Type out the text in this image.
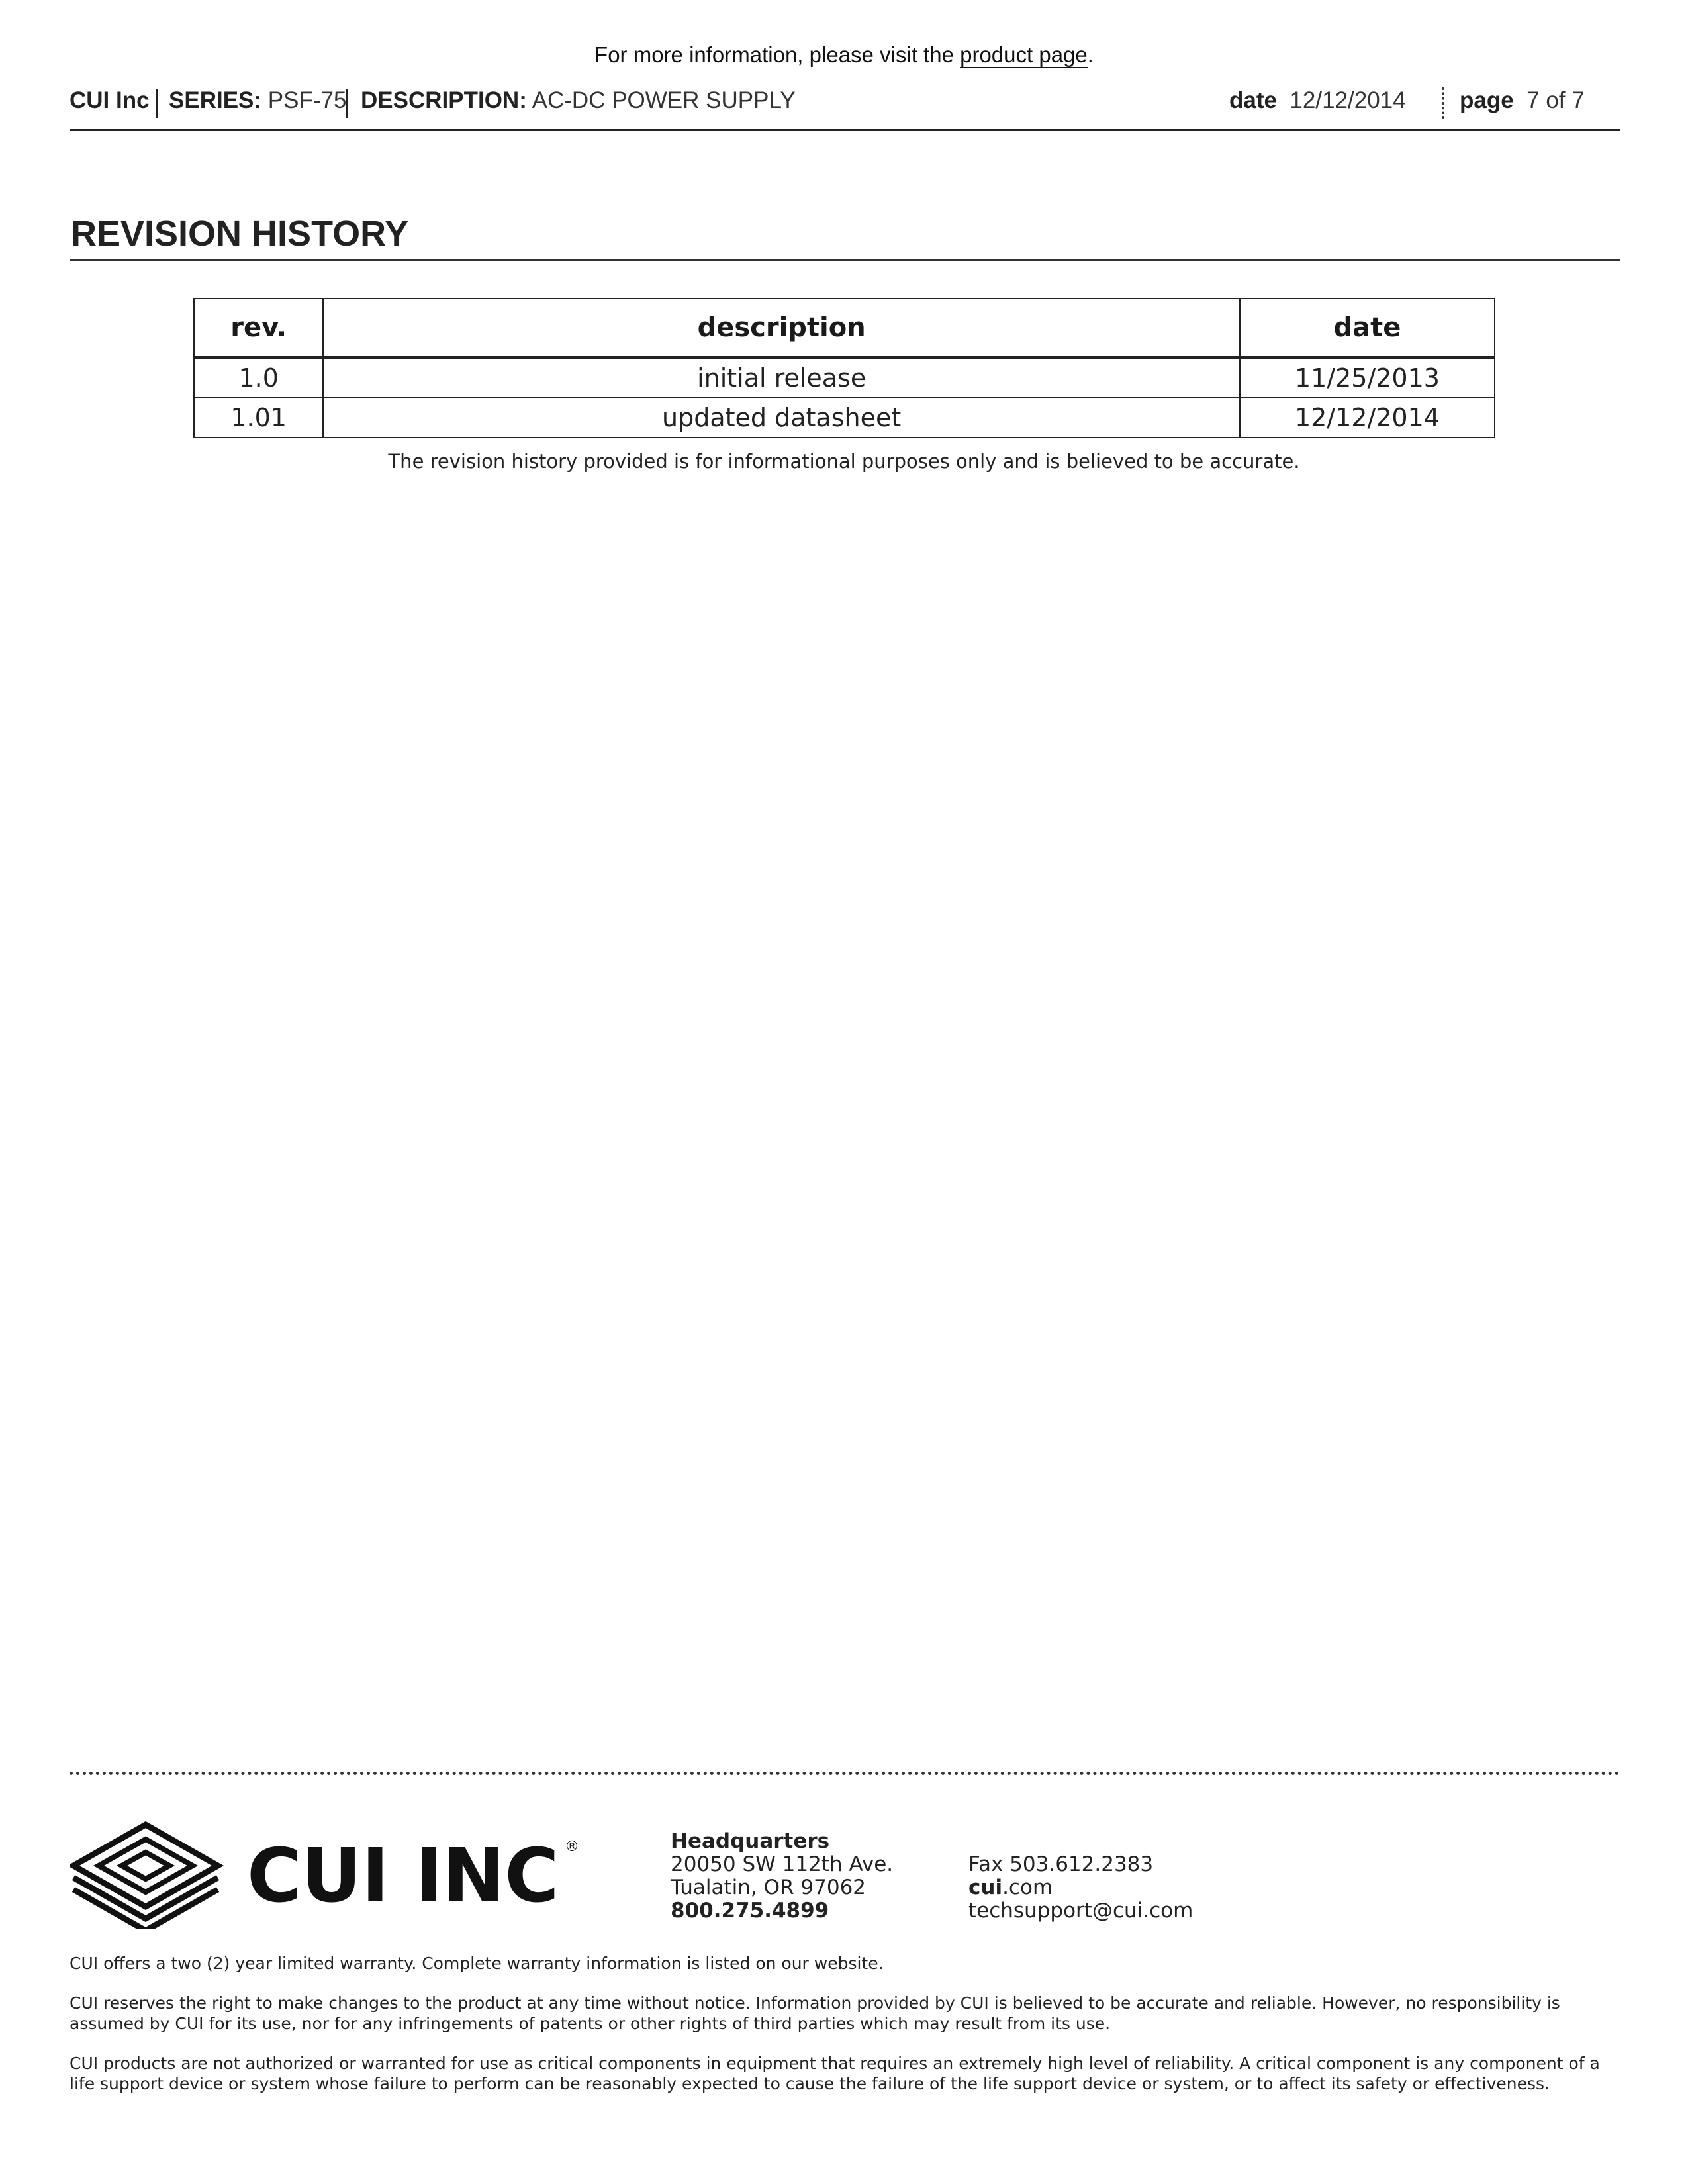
For more information, please visit the product page.
CUI Inc SERIES: PSF-75 DESCRIPTION: AC-DC POWER SUPPLY	date 12/12/2014 page 7 of 7
REVISION HISTORY
rev.	description	date
1.0	initial release	11/25/2013
1.01	updated datasheet	12/12/2014
The revision history provided is for informational purposes only and is believed to be accurate.
CUI INC ®	Headquarters
20050 SW 112th Ave.
Tualatin, OR 97062
800.275.4899
Fax 503.612.2383
cui.com
techsupport@cui.com
CUI offers a two (2) year limited warranty. Complete warranty information is listed on our website.
CUI reserves the right to make changes to the product at any time without notice. Information provided by CUI is believed to be accurate and reliable. However, no responsibility is assumed by CUI for its use, nor for any infringements of patents or other rights of third parties which may result from its use.
CUI products are not authorized or warranted for use as critical components in equipment that requires an extremely high level of reliability. A critical component is any component of a life support device or system whose failure to perform can be reasonably expected to cause the failure of the life support device or system, or to affect its safety or effectiveness.
